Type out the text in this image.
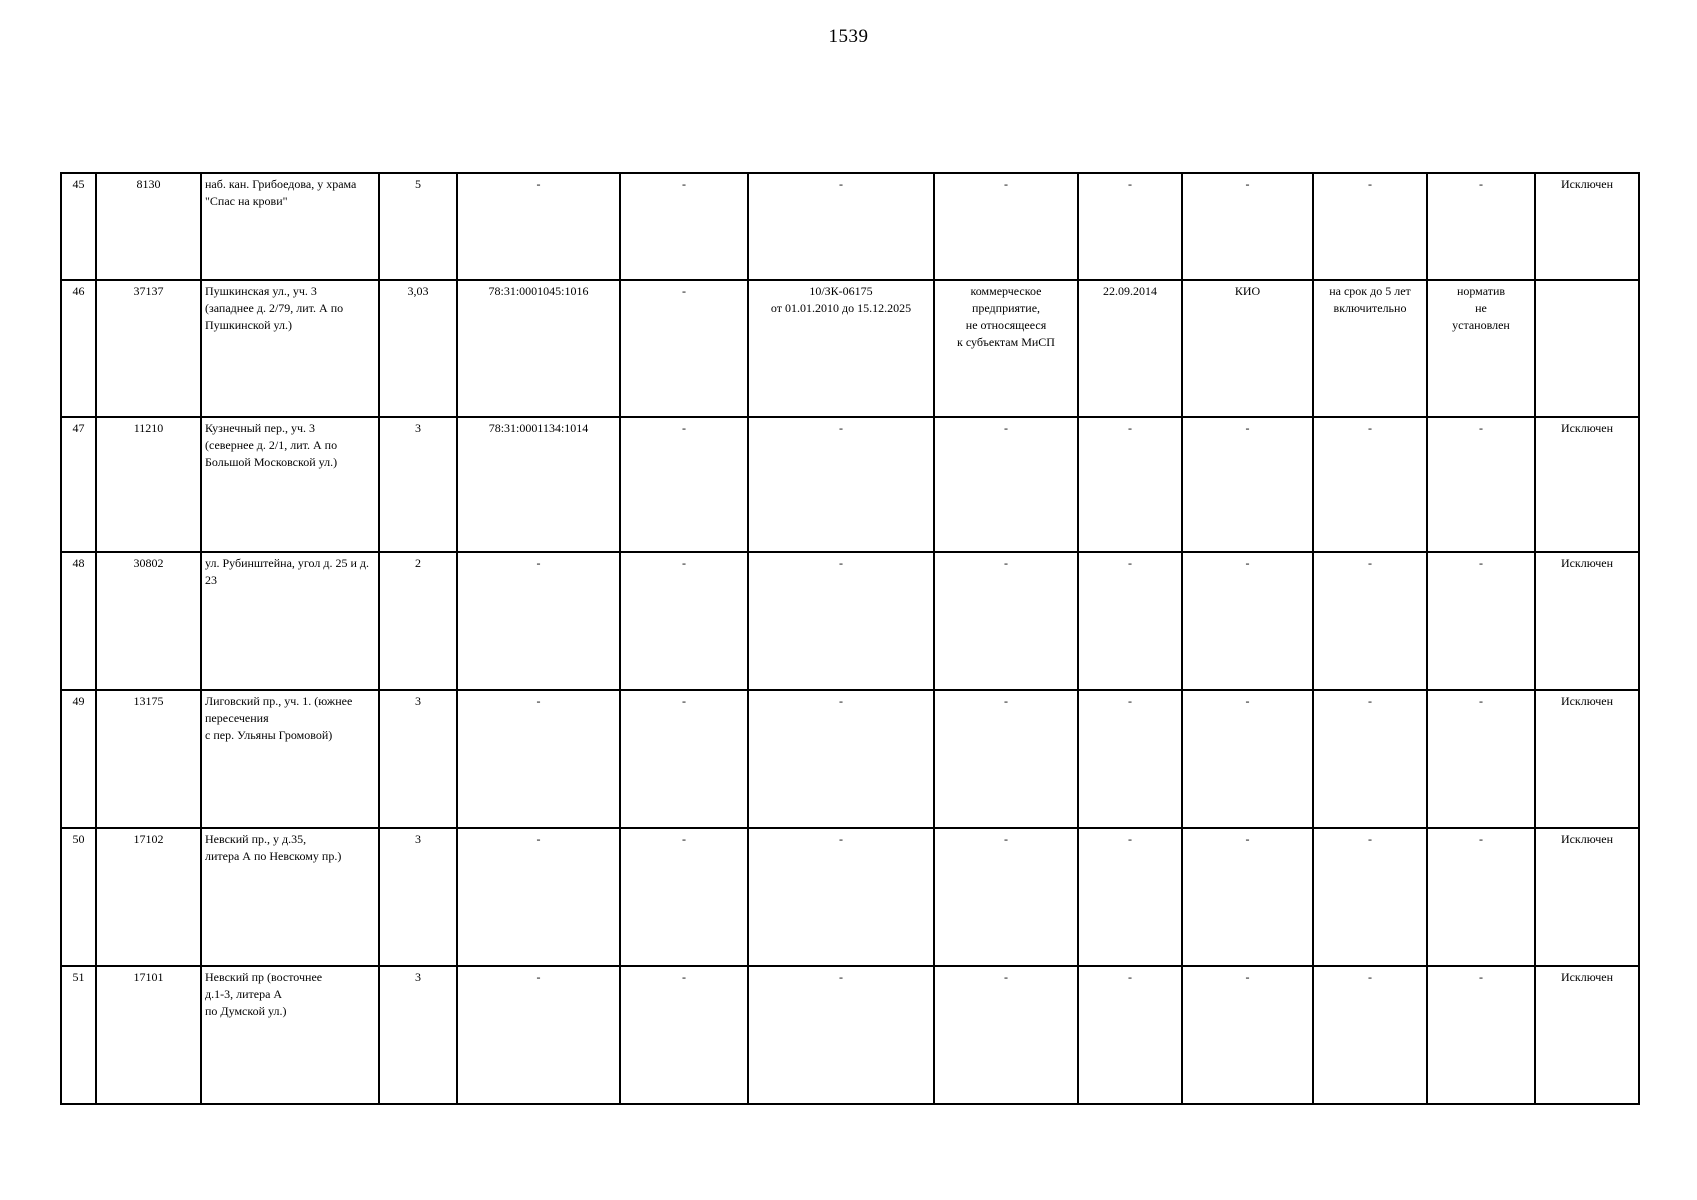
1539
45	8130	наб. кан. Грибоедова, у храма "Спас на крови"	5	-	-	-	-	-	-	-	-	Исключен
46	37137	Пушкинская ул., уч. 3
(западнее д. 2/79, лит. А по
Пушкинской ул.)	3,03	78:31:0001045:1016	-	10/ЗК-06175
от 01.01.2010 до 15.12.2025	коммерческое
предприятие,
не относящееся
к субъектам МиСП	22.09.2014	КИО	на срок до 5 лет
включительно	норматив
не
установлен	
47	11210	Кузнечный пер., уч. 3
(севернее д. 2/1, лит. А по
Большой Московской ул.)	3	78:31:0001134:1014	-	-	-	-	-	-	-	Исключен
48	30802	ул. Рубинштейна, угол д. 25 и д. 23	2	-	-	-	-	-	-	-	-	Исключен
49	13175	Лиговский пр., уч. 1. (южнее
пересечения
с пер. Ульяны Громовой)	3	-	-	-	-	-	-	-	-	Исключен
50	17102	Невский пр., у д.35,
литера А по Невскому пр.)	3	-	-	-	-	-	-	-	-	Исключен
51	17101	Невский пр (восточнее
д.1-3, литера А
по Думской ул.)	3	-	-	-	-	-	-	-	-	Исключен
